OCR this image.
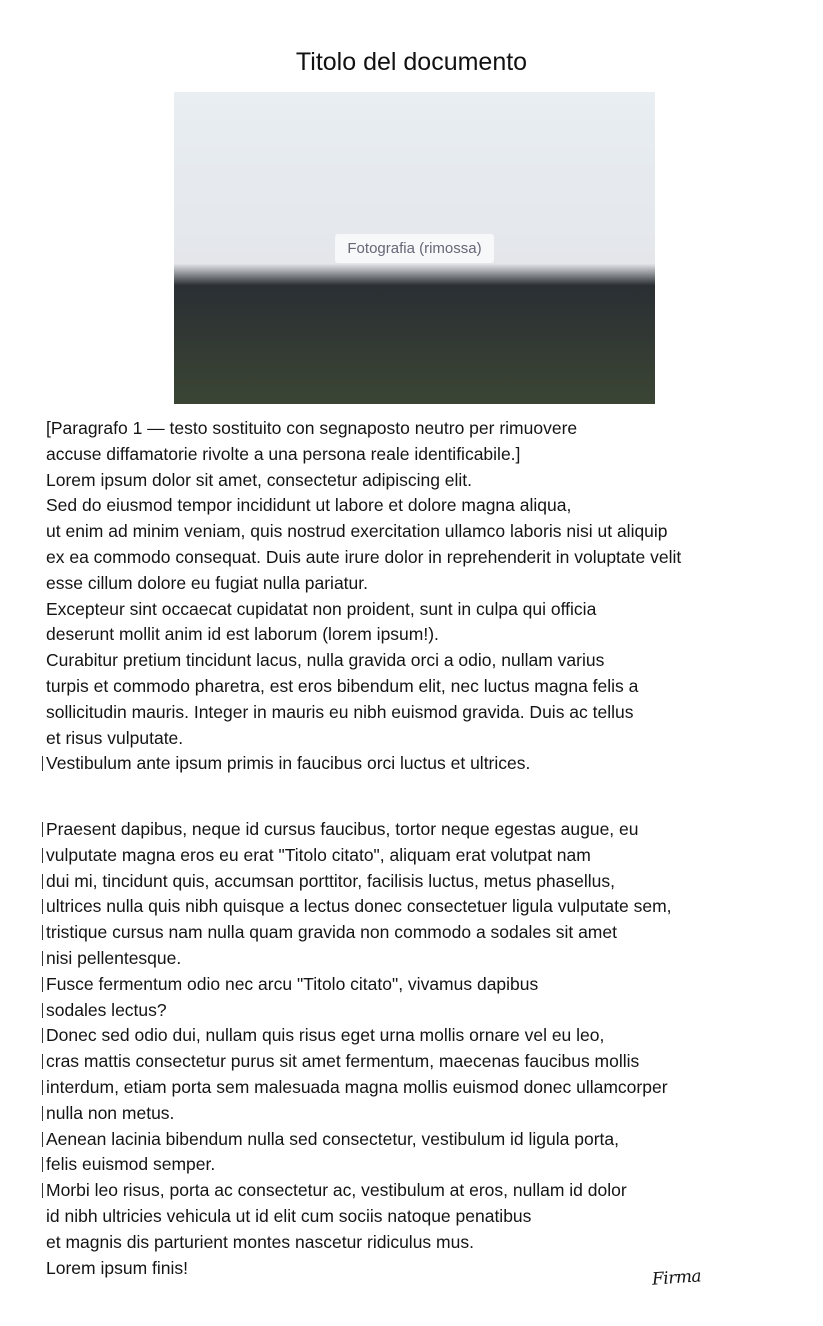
Titolo del documento
Fotografia (rimossa)

[Paragrafo 1 — testo sostituito con segnaposto neutro per rimuovere

accuse diffamatorie rivolte a una persona reale identificabile.]

Lorem ipsum dolor sit amet, consectetur adipiscing elit.

Sed do eiusmod tempor incididunt ut labore et dolore magna aliqua,

ut enim ad minim veniam, quis nostrud exercitation ullamco laboris nisi ut aliquip

ex ea commodo consequat. Duis aute irure dolor in reprehenderit in voluptate velit

esse cillum dolore eu fugiat nulla pariatur.

Excepteur sint occaecat cupidatat non proident, sunt in culpa qui officia

deserunt mollit anim id est laborum (lorem ipsum!).

Curabitur pretium tincidunt lacus, nulla gravida orci a odio, nullam varius

turpis et commodo pharetra, est eros bibendum elit, nec luctus magna felis a

sollicitudin mauris. Integer in mauris eu nibh euismod gravida. Duis ac tellus

et risus vulputate.

Vestibulum ante ipsum primis in faucibus orci luctus et ultrices.

Praesent dapibus, neque id cursus faucibus, tortor neque egestas augue, eu

vulputate magna eros eu erat "Titolo citato", aliquam erat volutpat nam

dui mi, tincidunt quis, accumsan porttitor, facilisis luctus, metus phasellus,

ultrices nulla quis nibh quisque a lectus donec consectetuer ligula vulputate sem,

tristique cursus nam nulla quam gravida non commodo a sodales sit amet

nisi pellentesque.

Fusce fermentum odio nec arcu "Titolo citato", vivamus dapibus

sodales lectus?

Donec sed odio dui, nullam quis risus eget urna mollis ornare vel eu leo,

cras mattis consectetur purus sit amet fermentum, maecenas faucibus mollis

interdum, etiam porta sem malesuada magna mollis euismod donec ullamcorper

nulla non metus.

Aenean lacinia bibendum nulla sed consectetur, vestibulum id ligula porta,

felis euismod semper.

Morbi leo risus, porta ac consectetur ac, vestibulum at eros, nullam id dolor

id nibh ultricies vehicula ut id elit cum sociis natoque penatibus

et magnis dis parturient montes nascetur ridiculus mus.

Lorem ipsum finis!	Firma
